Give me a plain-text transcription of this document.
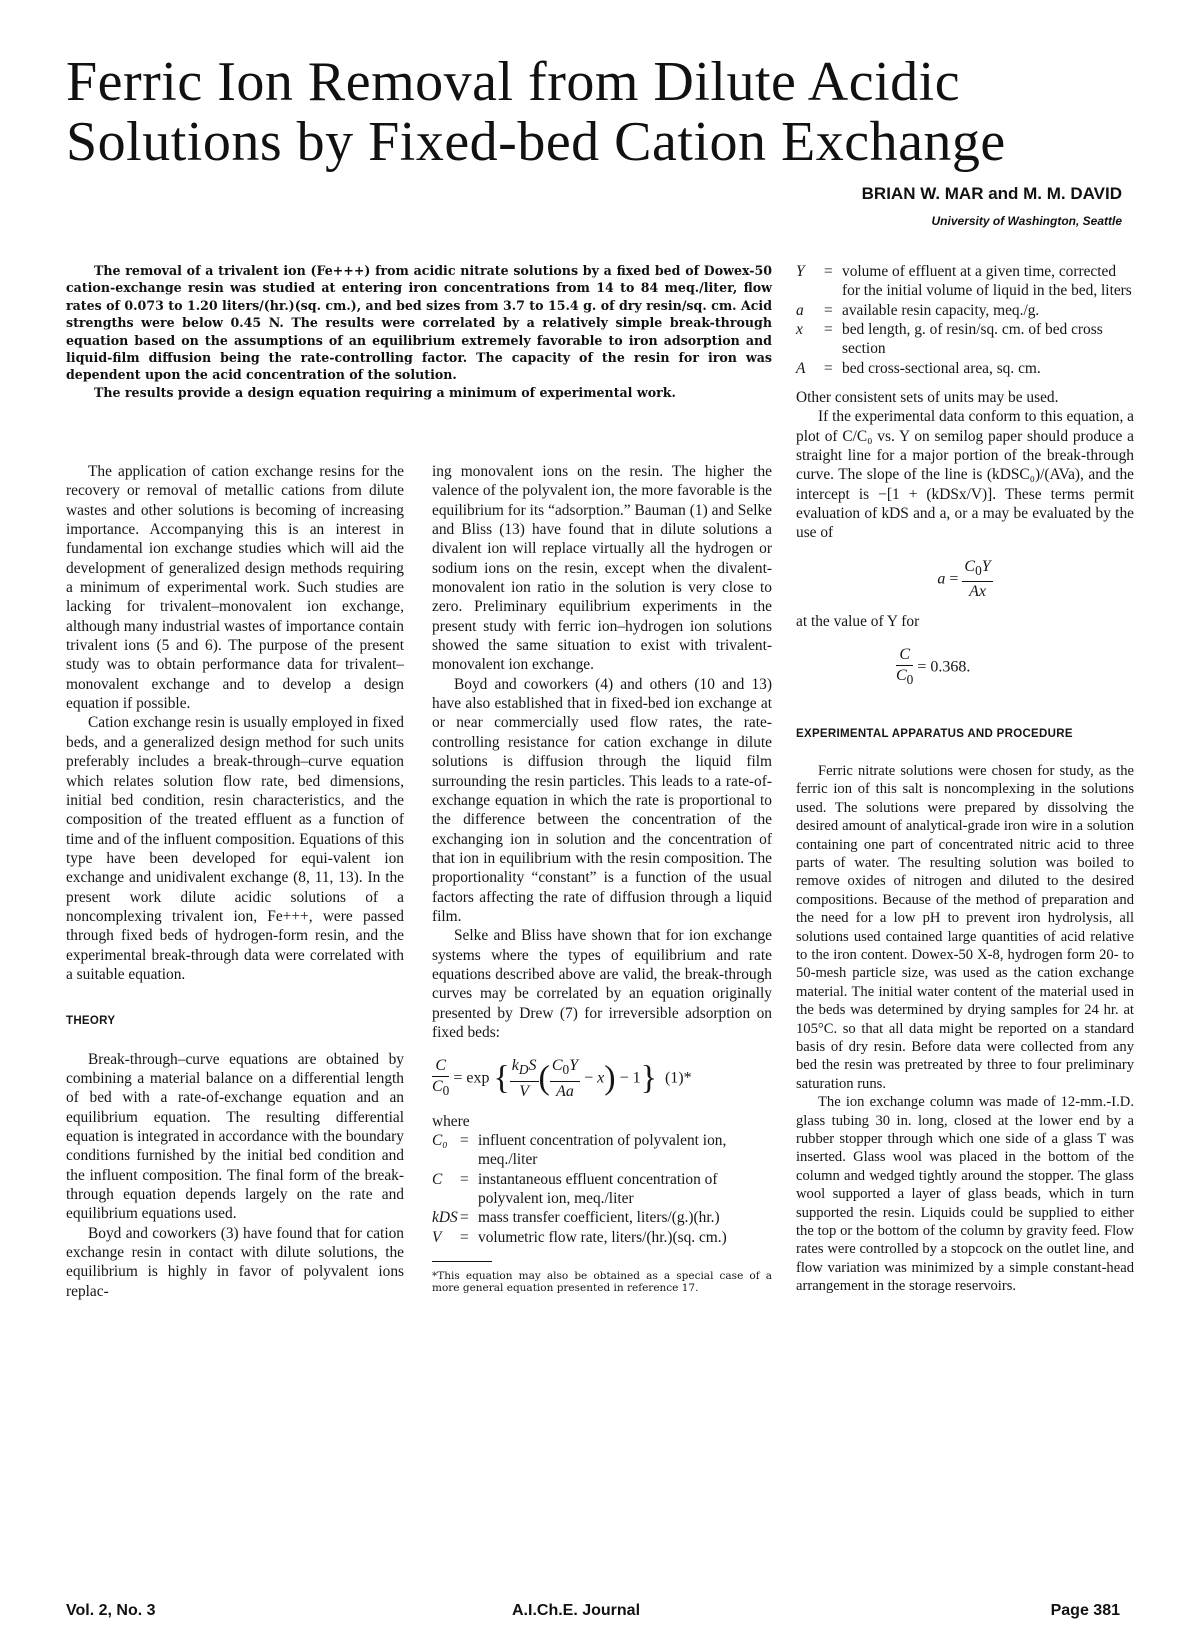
Ferric Ion Removal from Dilute Acidic Solutions by Fixed-bed Cation Exchange
BRIAN W. MAR and M. M. DAVID
University of Washington, Seattle

The removal of a trivalent ion (Fe+++) from acidic nitrate solutions by a fixed bed of Dowex-50 cation-exchange resin was studied at entering iron concentrations from 14 to 84 meq./liter, flow rates of 0.073 to 1.20 liters/(hr.)(sq. cm.), and bed sizes from 3.7 to 15.4 g. of dry resin/sq. cm. Acid strengths were below 0.45 N. The results were correlated by a relatively simple break-through equation based on the assumptions of an equilibrium extremely favorable to iron adsorption and liquid-film diffusion being the rate-controlling factor. The capacity of the resin for iron was dependent upon the acid concentration of the solution.

The results provide a design equation requiring a minimum of experimental work.

The application of cation exchange resins for the recovery or removal of metallic cations from dilute wastes and other solutions is becoming of increasing importance. Accompanying this is an interest in fundamental ion exchange studies which will aid the development of generalized design methods requiring a minimum of experimental work. Such studies are lacking for trivalent–monovalent ion exchange, although many industrial wastes of importance contain trivalent ions (5 and 6). The purpose of the present study was to obtain performance data for trivalent–monovalent exchange and to develop a design equation if possible.

Cation exchange resin is usually employed in fixed beds, and a generalized design method for such units preferably includes a break-through–curve equation which relates solution flow rate, bed dimensions, initial bed condition, resin characteristics, and the composition of the treated effluent as a function of time and of the influent composition. Equations of this type have been developed for equi-valent ion exchange and unidivalent exchange (8, 11, 13). In the present work dilute acidic solutions of a noncomplexing trivalent ion, Fe+++, were passed through fixed beds of hydrogen-form resin, and the experimental break-through data were correlated with a suitable equation.

THEORY

Break-through–curve equations are obtained by combining a material balance on a differential length of bed with a rate-of-exchange equation and an equilibrium equation. The resulting differential equation is integrated in accordance with the boundary conditions furnished by the initial bed condition and the influent composition. The final form of the break-through equation depends largely on the rate and equilibrium equations used.

Boyd and coworkers (3) have found that for cation exchange resin in contact with dilute solutions, the equilibrium is highly in favor of polyvalent ions replac-

ing monovalent ions on the resin. The higher the valence of the polyvalent ion, the more favorable is the equilibrium for its “adsorption.” Bauman (1) and Selke and Bliss (13) have found that in dilute solutions a divalent ion will replace virtually all the hydrogen or sodium ions on the resin, except when the divalent-monovalent ion ratio in the solution is very close to zero. Preliminary equilibrium experiments in the present study with ferric ion–hydrogen ion solutions showed the same situation to exist with trivalent-monovalent ion exchange.

Boyd and coworkers (4) and others (10 and 13) have also established that in fixed-bed ion exchange at or near commercially used flow rates, the rate-controlling resistance for cation exchange in dilute solutions is diffusion through the liquid film surrounding the resin particles. This leads to a rate-of-exchange equation in which the rate is proportional to the difference between the concentration of the exchanging ion in solution and the concentration of that ion in equilibrium with the resin composition. The proportionality “constant” is a function of the usual factors affecting the rate of diffusion through a liquid film.

Selke and Bliss have shown that for ion exchange systems where the types of equilibrium and rate equations described above are valid, the break-through curves may be correlated by an equation originally presented by Drew (7) for irreversible adsorption on fixed beds:

$\frac{C}{C_0} = \exp$ { $\frac{k_DS}{V}$ ( $\frac{C_0Y}{Aa} - x) - 1$} (1)*

where

C₀	=	influent concentration of polyvalent ion, meq./liter
C	=	instantaneous effluent concentration of polyvalent ion, meq./liter
kDS	=	mass transfer coefficient, liters/(g.)(hr.)
V	=	volumetric flow rate, liters/(hr.)(sq. cm.)
*This equation may also be obtained as a special case of a more general equation presented in reference 17.
Y	=	volume of effluent at a given time, corrected for the initial volume of liquid in the bed, liters
a	=	available resin capacity, meq./g.
x	=	bed length, g. of resin/sq. cm. of bed cross section
A	=	bed cross-sectional area, sq. cm.

Other consistent sets of units may be used.

If the experimental data conform to this equation, a plot of C/C₀ vs. Y on semilog paper should produce a straight line for a major portion of the break-through curve. The slope of the line is (kDSC₀)/(AVa), and the intercept is −[1 + (kDSx/V)]. These terms permit evaluation of kDS and a, or a may be evaluated by the use of

$a = \frac{C_0Y}{Ax}$

at the value of Y for

$\frac{C}{C_0} = 0.368$.
EXPERIMENTAL APPARATUS AND PROCEDURE

Ferric nitrate solutions were chosen for study, as the ferric ion of this salt is noncomplexing in the solutions used. The solutions were prepared by dissolving the desired amount of analytical-grade iron wire in a solution containing one part of concentrated nitric acid to three parts of water. The resulting solution was boiled to remove oxides of nitrogen and diluted to the desired compositions. Because of the method of preparation and the need for a low pH to prevent iron hydrolysis, all solutions used contained large quantities of acid relative to the iron content. Dowex-50 X-8, hydrogen form 20- to 50-mesh particle size, was used as the cation exchange material. The initial water content of the material used in the beds was determined by drying samples for 24 hr. at 105°C. so that all data might be reported on a standard basis of dry resin. Before data were collected from any bed the resin was pretreated by three to four preliminary saturation runs.

The ion exchange column was made of 12-mm.-I.D. glass tubing 30 in. long, closed at the lower end by a rubber stopper through which one side of a glass T was inserted. Glass wool was placed in the bottom of the column and wedged tightly around the stopper. The glass wool supported a layer of glass beads, which in turn supported the resin. Liquids could be supplied to either the top or the bottom of the column by gravity feed. Flow rates were controlled by a stopcock on the outlet line, and flow variation was minimized by a simple constant-head arrangement in the storage reservoirs.

Vol. 2, No. 3	A.I.Ch.E. Journal	Page 381
